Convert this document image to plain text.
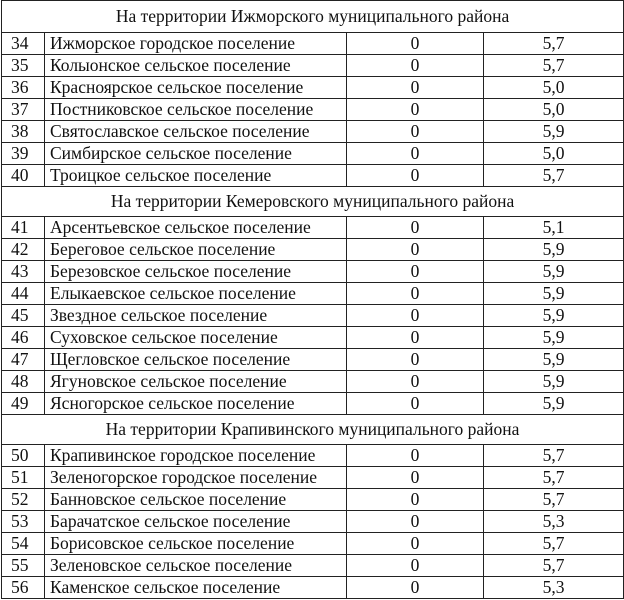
На территории Ижморского муниципального района			
34	Ижморское городское поселение	0	5,7
35	Колыонское сельское поселение	0	5,7
36	Красноярское сельское поселение	0	5,0
37	Постниковское сельское поселение	0	5,0
38	Святославское сельское поселение	0	5,9
39	Симбирское сельское поселение	0	5,0
40	Троицкое сельское поселение	0	5,7
На территории Кемеровского муниципального района			
41	Арсентьевское сельское поселение	0	5,1
42	Береговое сельское поселение	0	5,9
43	Березовское сельское поселение	0	5,9
44	Елыкаевское сельское поселение	0	5,9
45	Звездное сельское поселение	0	5,9
46	Суховское сельское поселение	0	5,9
47	Щегловское сельское поселение	0	5,9
48	Ягуновское сельское поселение	0	5,9
49	Ясногорское сельское поселение	0	5,9
На территории Крапивинского муниципального района			
50	Крапивинское городское поселение	0	5,7
51	Зеленогорское городское поселение	0	5,7
52	Банновское сельское поселение	0	5,7
53	Барачатское сельское поселение	0	5,3
54	Борисовское сельское поселение	0	5,7
55	Зеленовское сельское поселение	0	5,7
56	Каменское сельское поселение	0	5,3
